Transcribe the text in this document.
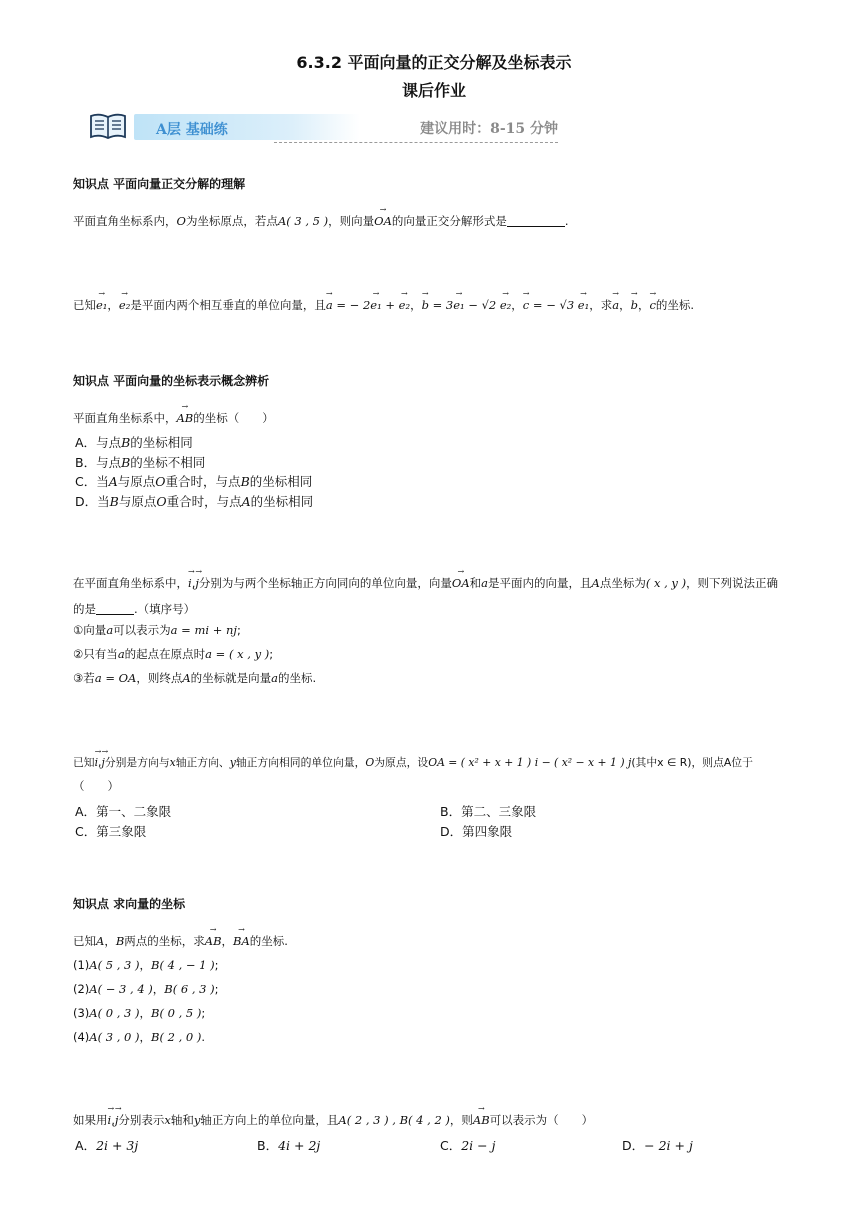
6.3.2 平面向量的正交分解及坐标表示
课后作业
A层 基础练	建议用时：8-15 分钟
知识点 平面向量正交分解的理解
平面直角坐标系内，O为坐标原点，若点A( 3 , 5 )，则向量→ OA的向量正交分解形式是	.
已知→ e₁，→ e₂是平面内两个相互垂直的单位向量，且→ a = − 2→ e₁ + → e₂，→ b = 3→ e₁ − √2 → e₂，→ c = − √3 → e₁，求→ a，→ b，→ c的坐标.
知识点 平面向量的坐标表示概念辨析
平面直角坐标系中，→ AB的坐标（　　）
A．与点B的坐标相同
B．与点B的坐标不相同
C．当A与原点O重合时，与点B的坐标相同
D．当B与原点O重合时，与点A的坐标相同
在平面直角坐标系中，→ i,→ j分别为与两个坐标轴正方向同向的单位向量，向量→ OA和a是平面内的向量，且A点坐标为( x , y )，则下列说法正确
的是	.（填序号）
①向量a可以表示为a = mi + nj;
②只有当a的起点在原点时a = ( x , y );
③若a = OA，则终点A的坐标就是向量a的坐标.
已知→ i,→ j分别是方向与x轴正方向、y轴正方向相同的单位向量，O为原点，设OA = ( x² + x + 1 ) i − ( x² − x + 1 ) j(其中x ∈ R)，则点A位于
（　　）
A．第一、二象限	B．第二、三象限
C．第三象限	D．第四象限
知识点 求向量的坐标
已知A，B两点的坐标，求→ AB，→ BA的坐标.
(1)A( 5 , 3 )，B( 4 , − 1 );
(2)A( − 3 , 4 )，B( 6 , 3 );
(3)A( 0 , 3 )，B( 0 , 5 );
(4)A( 3 , 0 )，B( 2 , 0 ).
如果用→ i,→ j分别表示x轴和y轴正方向上的单位向量，且A( 2 , 3 ) , B( 4 , 2 )，则→ AB可以表示为（　　）
A．2i + 3j	B．4i + 2j	C．2i − j	D．− 2i + j
